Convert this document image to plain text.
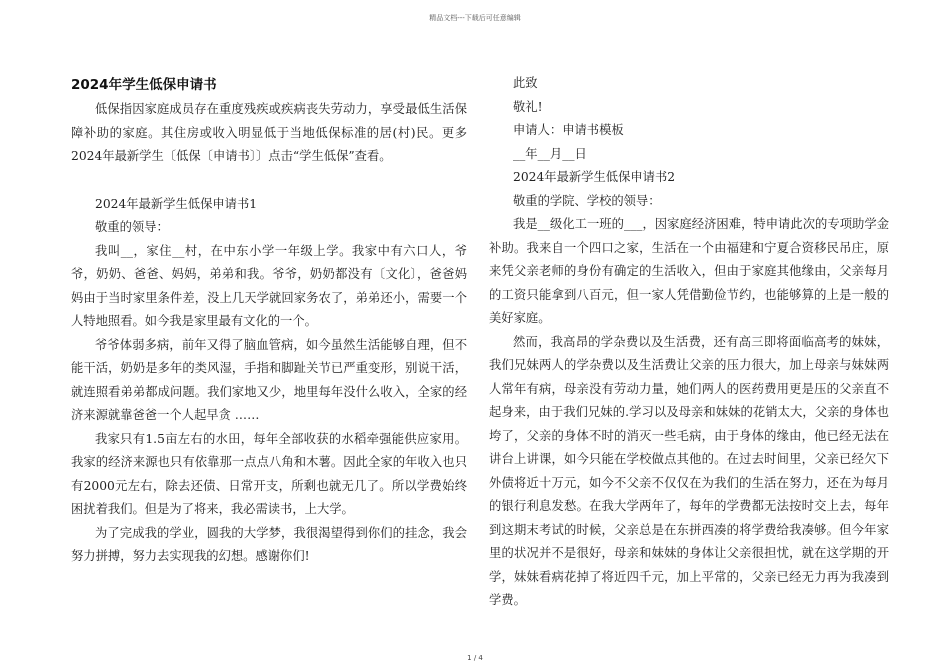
精品文档---下载后可任意编辑
2024年学生低保申请书

低保指因家庭成员存在重度残疾或疾病丧失劳动力，享受最低生活保障补助的家庭。其住房或收入明显低于当地低保标准的居(村)民。更多2024年最新学生〔低保〔申请书〕〕点击“学生低保”查看。

2024年最新学生低保申请书1

敬重的领导：

我叫__，家住__村，在中东小学一年级上学。我家中有六口人，爷爷，奶奶、爸爸、妈妈，弟弟和我。爷爷，奶奶都没有〔文化〕，爸爸妈妈由于当时家里条件差，没上几天学就回家务农了，弟弟还小，需要一个人特地照看。如今我是家里最有文化的一个。

爷爷体弱多病，前年又得了脑血管病，如今虽然生活能够自理，但不能干活，奶奶是多年的类风湿，手指和脚趾关节已严重变形，别说干活，就连照看弟弟都成问题。我们家地又少，地里每年没什么收入，全家的经济来源就靠爸爸一个人起早贪 ……

我家只有1.5亩左右的水田，每年全部收获的水稻牵强能供应家用。我家的经济来源也只有依靠那一点点八角和木薯。因此全家的年收入也只有2000元左右，除去还债、日常开支，所剩也就无几了。所以学费始终困扰着我们。但是为了将来，我必需读书，上大学。

为了完成我的学业，圆我的大学梦，我很渴望得到你们的挂念，我会努力拼搏，努力去实现我的幻想。感谢你们!

此致

敬礼!

申请人：申请书模板

__年__月__日

2024年最新学生低保申请书2

敬重的学院、学校的领导：

我是__级化工一班的___，因家庭经济困难，特申请此次的专项助学金补助。我来自一个四口之家，生活在一个由福建和宁夏合资移民吊庄，原来凭父亲老师的身份有确定的生活收入，但由于家庭其他缘由，父亲每月的工资只能拿到八百元，但一家人凭借勤俭节约，也能够算的上是一般的美好家庭。

然而，我高昂的学杂费以及生活费，还有高三即将面临高考的妹妹，我们兄妹两人的学杂费以及生活费让父亲的压力很大，加上母亲与妹妹两人常年有病，母亲没有劳动力量，她们两人的医药费用更是压的父亲直不起身来，由于我们兄妹的.学习以及母亲和妹妹的花销太大，父亲的身体也垮了，父亲的身体不时的消灭一些毛病，由于身体的缘由，他已经无法在讲台上讲课，如今只能在学校做点其他的。在过去时间里，父亲已经欠下外债将近十万元，如今不父亲不仅仅在为我们的生活在努力，还在为每月的银行利息发愁。在我大学两年了，每年的学费都无法按时交上去，每年到这期末考试的时候，父亲总是在东拼西凑的将学费给我凑够。但今年家里的状况并不是很好，母亲和妹妹的身体让父亲很担忧，就在这学期的开学，妹妹看病花掉了将近四千元，加上平常的，父亲已经无力再为我凑到学费。

1 / 4
